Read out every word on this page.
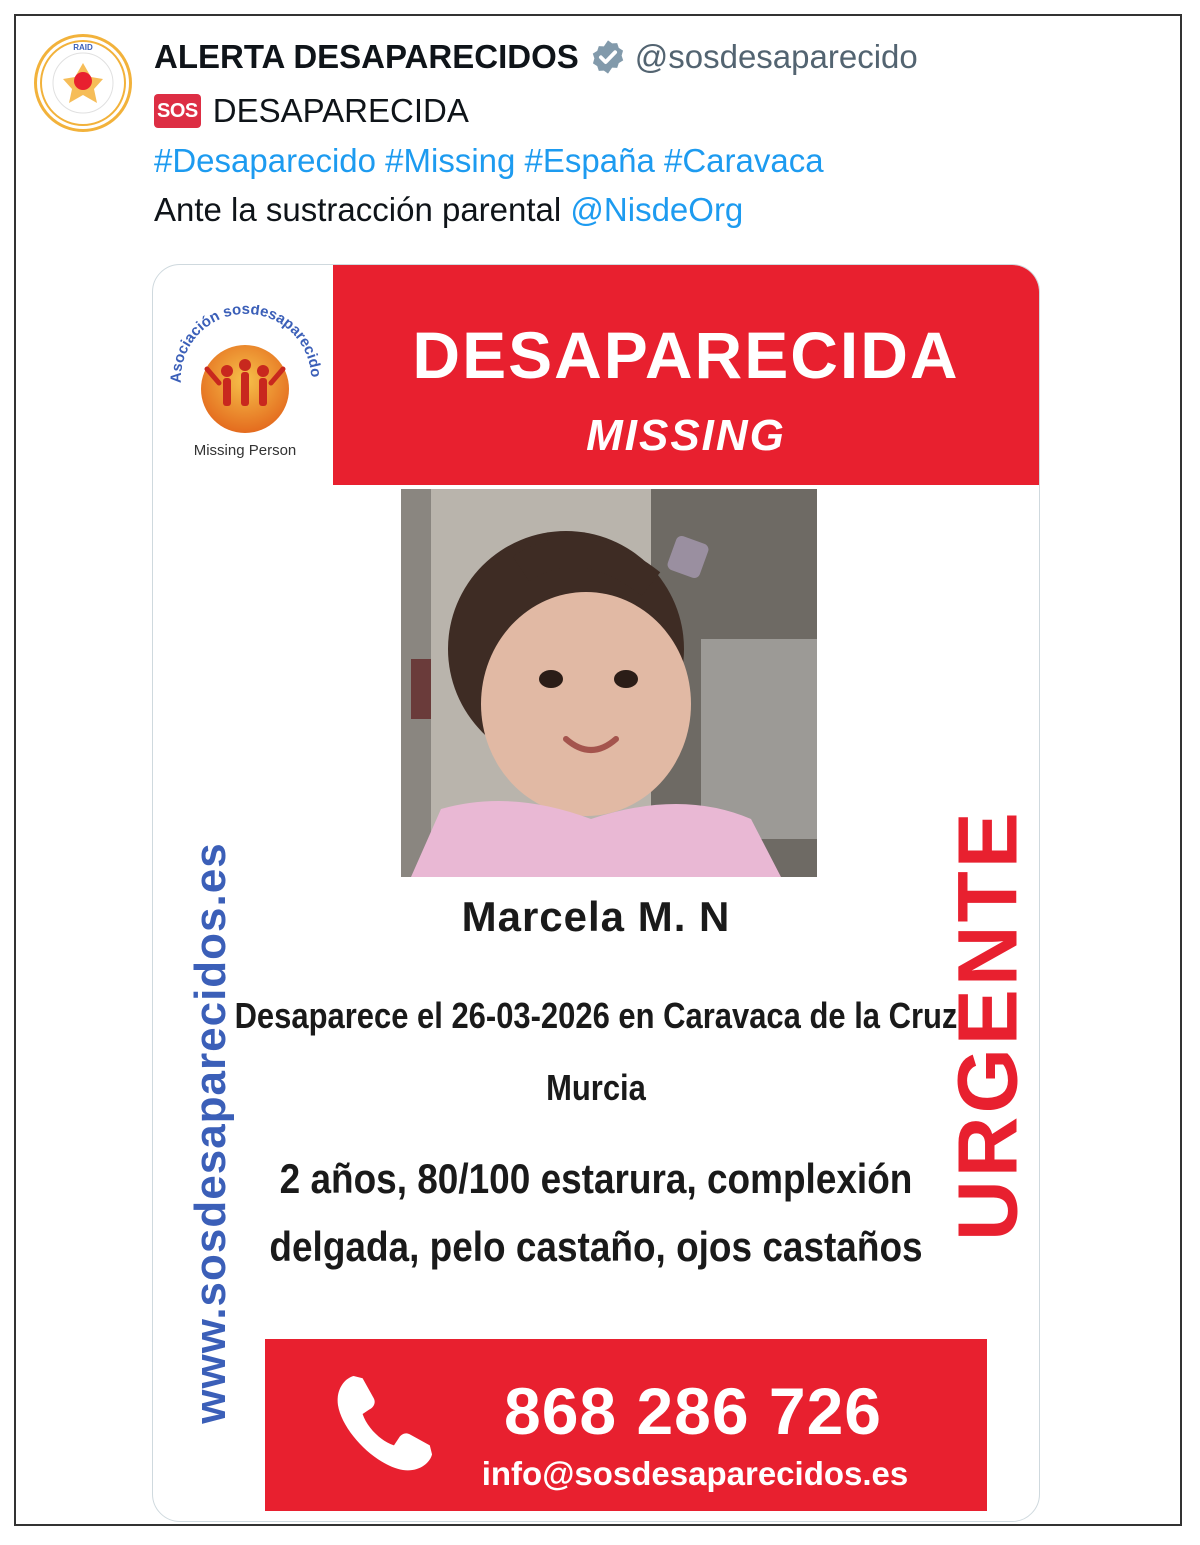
RAID ALERTA DESAPARECIDOS @sosdesaparecido
SOS DESAPARECIDA
#Desaparecido #Missing #España #Caravaca
Ante la sustracción parental @NisdeOrg
Asociación sosdesaparecido
Missing Person
DESAPARECIDA
MISSING
www.sosdesaparecidos.es	URGENTE
Marcela M. N
Desaparece el 26-03-2026 en Caravaca de la Cruz
Murcia
2 años, 80/100 estarura, complexión
delgada, pelo castaño, ojos castaños
868 286 726
info@sosdesaparecidos.es
